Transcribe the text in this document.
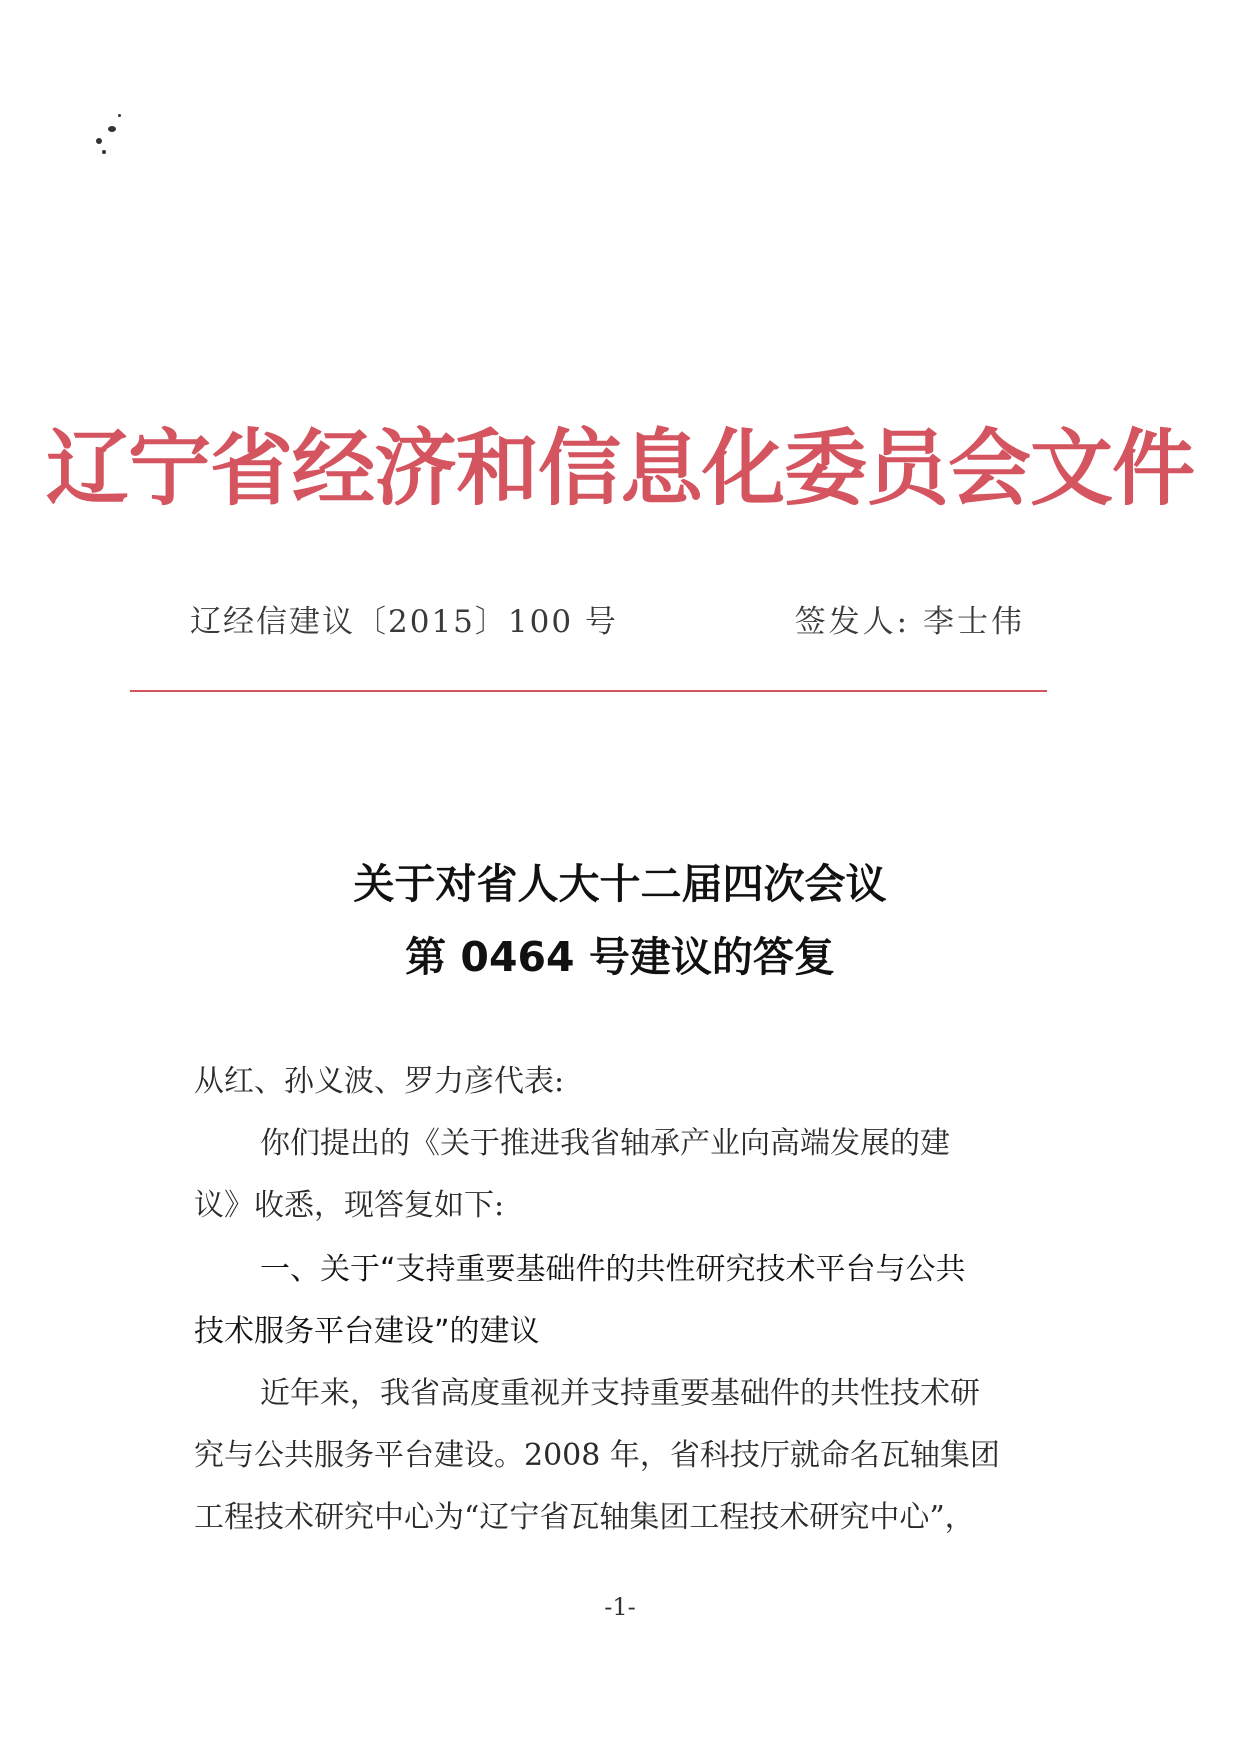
辽宁省经济和信息化委员会文件
辽经信建议〔2015〕100 号	签发人: 李士伟
关于对省人大十二届四次会议
第 0464 号建议的答复
从红、孙义波、罗力彦代表:
你们提出的《关于推进我省轴承产业向高端发展的建
议》收悉，现答复如下:
一、关于“支持重要基础件的共性研究技术平台与公共
技术服务平台建设”的建议
近年来，我省高度重视并支持重要基础件的共性技术研
究与公共服务平台建设。2008 年，省科技厅就命名瓦轴集团
工程技术研究中心为“辽宁省瓦轴集团工程技术研究中心”，
-1-
